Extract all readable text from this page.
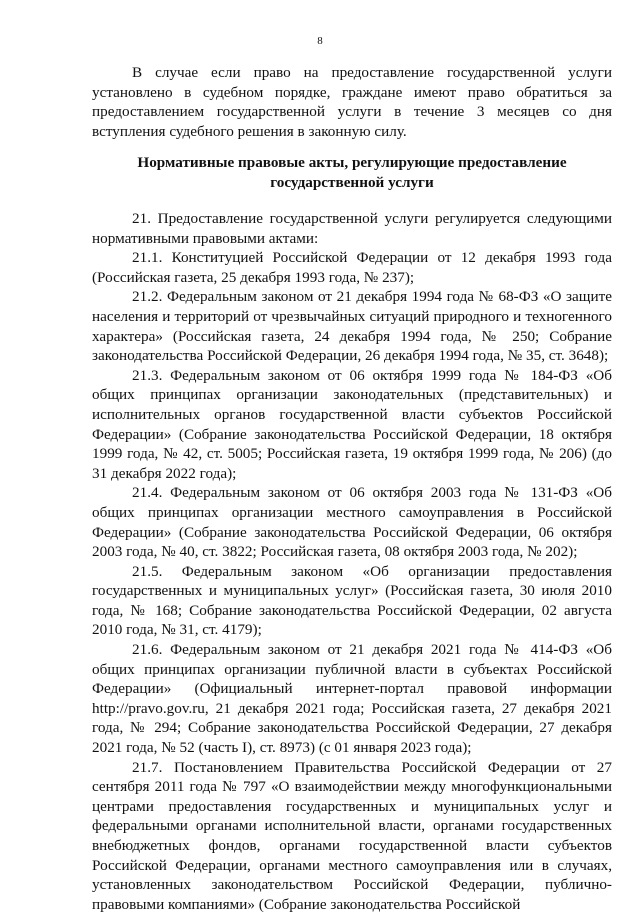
8

В случае если право на предоставление государственной услуги установлено в судебном порядке, граждане имеют право обратиться за предоставлением государственной услуги в течение 3 месяцев со дня вступления судебного решения в законную силу.

Нормативные правовые акты, регулирующие предоставление
государственной услуги

21. Предоставление государственной услуги регулируется следующими нормативными правовыми актами:

21.1. Конституцией Российской Федерации от 12 декабря 1993 года (Российская газета, 25 декабря 1993 года, № 237);

21.2. Федеральным законом от 21 декабря 1994 года № 68-ФЗ «О защите населения и территорий от чрезвычайных ситуаций природного и техногенного характера» (Российская газета, 24 декабря 1994 года, № 250; Собрание законодательства Российской Федерации, 26 декабря 1994 года, № 35, ст. 3648);

21.3. Федеральным законом от 06 октября 1999 года № 184-ФЗ «Об общих принципах организации законодательных (представительных) и исполнительных органов государственной власти субъектов Российской Федерации» (Собрание законодательства Российской Федерации, 18 октября 1999 года, № 42, ст. 5005; Российская газета, 19 октября 1999 года, № 206) (до 31 декабря 2022 года);

21.4. Федеральным законом от 06 октября 2003 года № 131-ФЗ «Об общих принципах организации местного самоуправления в Российской Федерации» (Собрание законодательства Российской Федерации, 06 октября 2003 года, № 40, ст. 3822; Российская газета, 08 октября 2003 года, № 202);

21.5. Федеральным законом «Об организации предоставления государственных и муниципальных услуг» (Российская газета, 30 июля 2010 года, № 168; Собрание законодательства Российской Федерации, 02 августа 2010 года, № 31, ст. 4179);

21.6. Федеральным законом от 21 декабря 2021 года № 414-ФЗ «Об общих принципах организации публичной власти в субъектах Российской Федерации» (Официальный интернет-портал правовой информации http://pravo.gov.ru, 21 декабря 2021 года; Российская газета, 27 декабря 2021 года, № 294; Собрание законодательства Российской Федерации, 27 декабря 2021 года, № 52 (часть I), ст. 8973) (с 01 января 2023 года);

21.7. Постановлением Правительства Российской Федерации от 27 сентября 2011 года № 797 «О взаимодействии между многофункциональными центрами предоставления государственных и муниципальных услуг и федеральными органами исполнительной власти, органами государственных внебюджетных фондов, органами государственной власти субъектов Российской Федерации, органами местного самоуправления или в случаях, установленных законодательством Российской Федерации, публично-правовыми компаниями» (Собрание законодательства Российской
